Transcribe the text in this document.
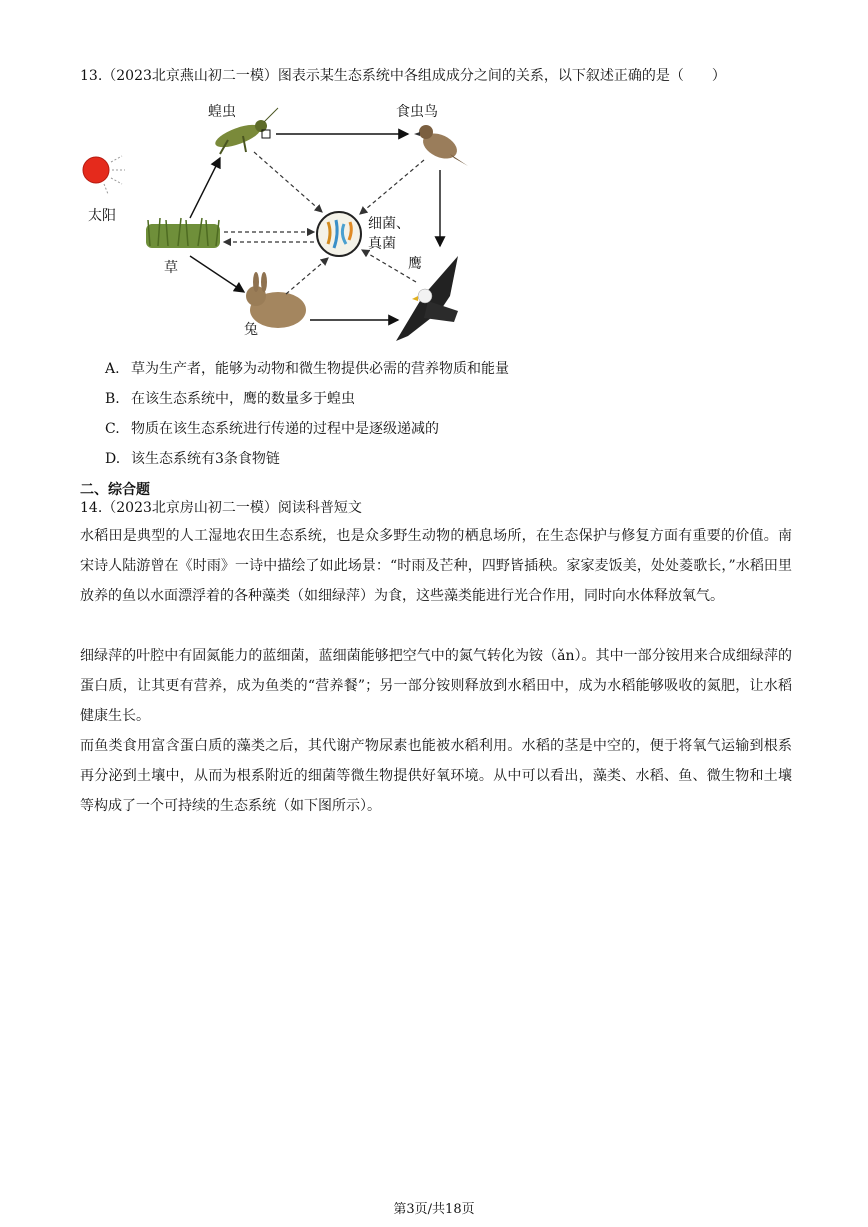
13.（2023北京燕山初二一模）图表示某生态系统中各组成成分之间的关系，以下叙述正确的是（　　）
太阳
草
蝗虫	食虫鸟
细菌、
真菌
鹰
兔
A. 草为生产者，能够为动物和微生物提供必需的营养物质和能量
B. 在该生态系统中，鹰的数量多于蝗虫
C. 物质在该生态系统进行传递的过程中是逐级递减的
D. 该生态系统有3条食物链
二、综合题
14.（2023北京房山初二一模）阅读科普短文
水稻田是典型的人工湿地农田生态系统，也是众多野生动物的栖息场所，在生态保护与修复方面有重要的价值。南宋诗人陆游曾在《时雨》一诗中描绘了如此场景：“时雨及芒种，四野皆插秧。家家麦饭美，处处菱歌长，”水稻田里放养的鱼以水面漂浮着的各种藻类（如细绿萍）为食，这些藻类能进行光合作用，同时向水体释放氧气。
细绿萍的叶腔中有固氮能力的蓝细菌，蓝细菌能够把空气中的氮气转化为铵（ǎn）。其中一部分铵用来合成细绿萍的蛋白质，让其更有营养，成为鱼类的“营养餐”；另一部分铵则释放到水稻田中，成为水稻能够吸收的氮肥，让水稻健康生长。
而鱼类食用富含蛋白质的藻类之后，其代谢产物尿素也能被水稻利用。水稻的茎是中空的，便于将氧气运输到根系再分泌到土壤中，从而为根系附近的细菌等微生物提供好氧环境。从中可以看出，藻类、水稻、鱼、微生物和土壤等构成了一个可持续的生态系统（如下图所示）。
第3页/共18页
